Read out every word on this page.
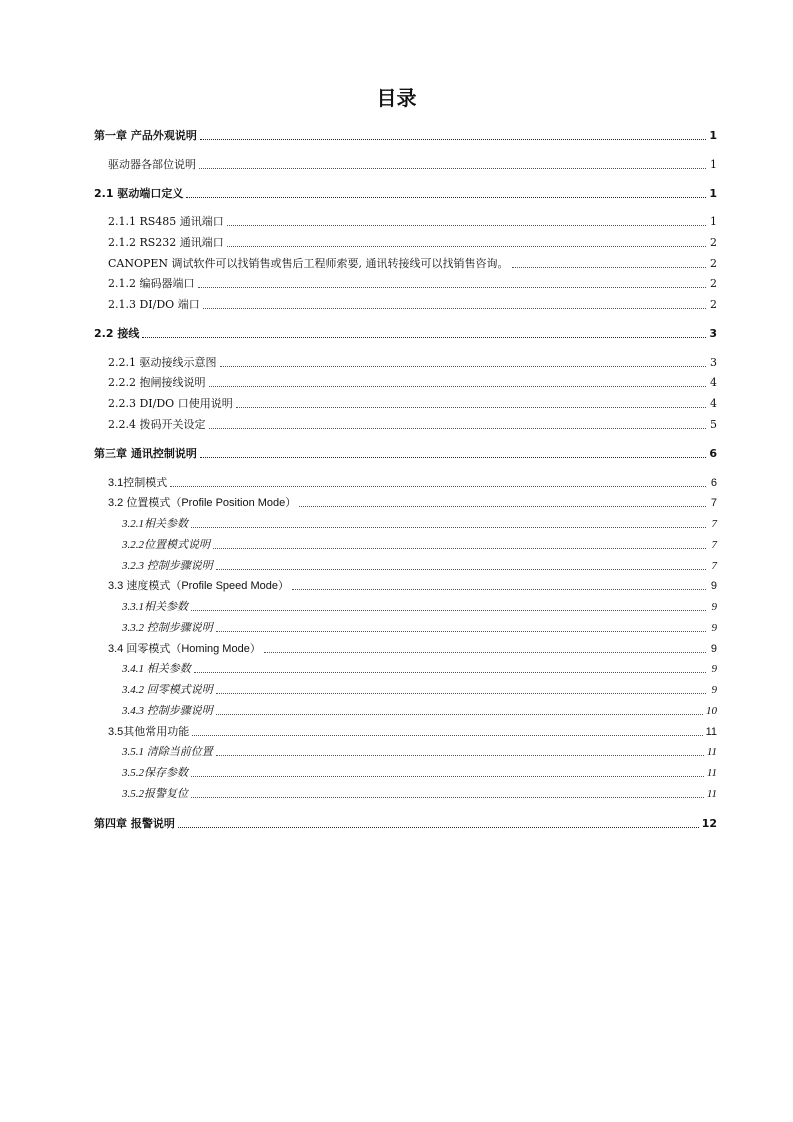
目录
第一章 产品外观说明	1
驱动器各部位说明	1
2.1 驱动端口定义	1
2.1.1 RS485 通讯端口	1
2.1.2 RS232 通讯端口	2
CANOPEN 调试软件可以找销售或售后工程师索要, 通讯转接线可以找销售咨询。	2
2.1.2 编码器端口	2
2.1.3 DI/DO 端口	2
2.2 接线	3
2.2.1 驱动接线示意图	3
2.2.2 抱闸接线说明	4
2.2.3 DI/DO 口使用说明	4
2.2.4 拨码开关设定	5
第三章 通讯控制说明	6
3.1控制模式	6
3.2 位置模式（Profile Position Mode）	7
3.2.1相关参数	7
3.2.2位置模式说明	7
3.2.3 控制步骤说明	7
3.3 速度模式（Profile Speed Mode）	9
3.3.1相关参数	9
3.3.2 控制步骤说明	9
3.4 回零模式（Homing Mode）	9
3.4.1 相关参数	9
3.4.2 回零模式说明	9
3.4.3 控制步骤说明	10
3.5其他常用功能	11
3.5.1 清除当前位置	11
3.5.2保存参数	11
3.5.2报警复位	11
第四章 报警说明	12
